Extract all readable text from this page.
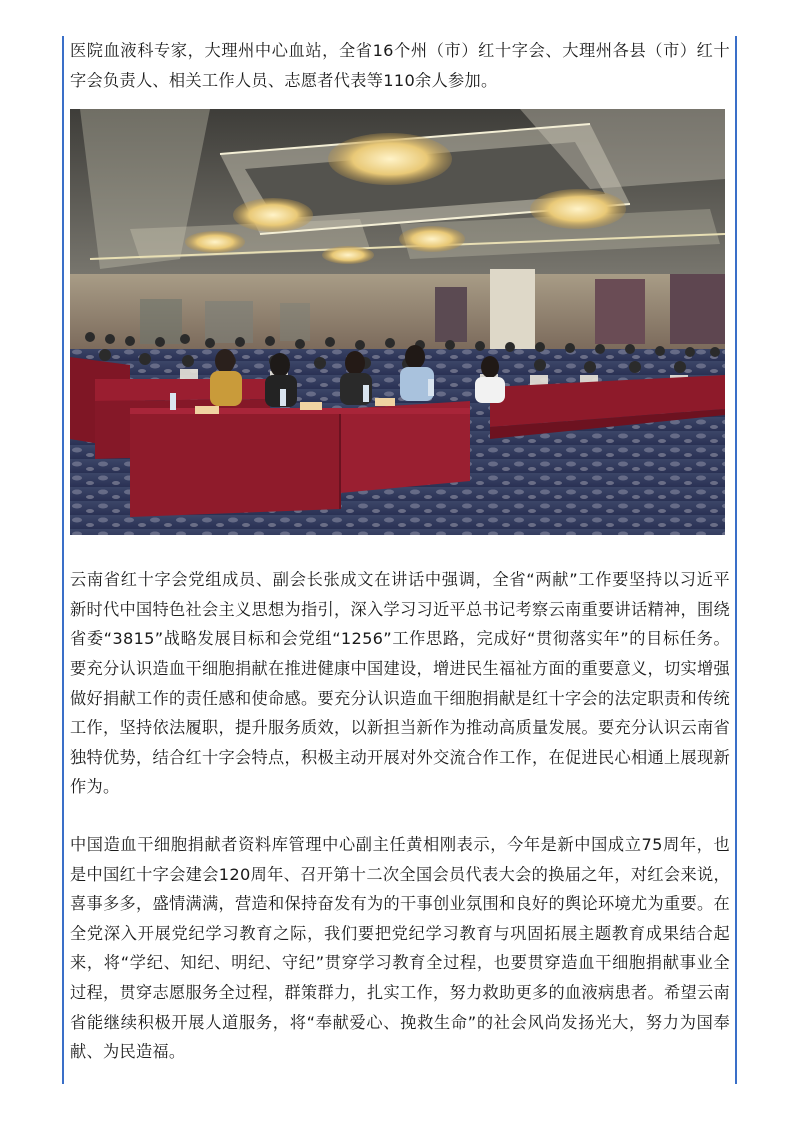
医院血液科专家，大理州中心血站，全省16个州（市）红十字会、大理州各县（市）红十字会负责人、相关工作人员、志愿者代表等110余人参加。

云南省红十字会党组成员、副会长张成文在讲话中强调，全省“两献”工作要坚持以习近平新时代中国特色社会主义思想为指引，深入学习习近平总书记考察云南重要讲话精神，围绕省委“3815”战略发展目标和会党组“1256”工作思路，完成好“贯彻落实年”的目标任务。要充分认识造血干细胞捐献在推进健康中国建设，增进民生福祉方面的重要意义，切实增强做好捐献工作的责任感和使命感。要充分认识造血干细胞捐献是红十字会的法定职责和传统工作，坚持依法履职，提升服务质效，以新担当新作为推动高质量发展。要充分认识云南省独特优势，结合红十字会特点，积极主动开展对外交流合作工作，在促进民心相通上展现新作为。

中国造血干细胞捐献者资料库管理中心副主任黄相刚表示，今年是新中国成立75周年，也是中国红十字会建会120周年、召开第十二次全国会员代表大会的换届之年，对红会来说，喜事多多，盛情满满，营造和保持奋发有为的干事创业氛围和良好的舆论环境尤为重要。在全党深入开展党纪学习教育之际，我们要把党纪学习教育与巩固拓展主题教育成果结合起来，将“学纪、知纪、明纪、守纪”贯穿学习教育全过程，也要贯穿造血干细胞捐献事业全过程，贯穿志愿服务全过程，群策群力，扎实工作，努力救助更多的血液病患者。希望云南省能继续积极开展人道服务，将“奉献爱心、挽救生命”的社会风尚发扬光大，努力为国奉献、为民造福。
